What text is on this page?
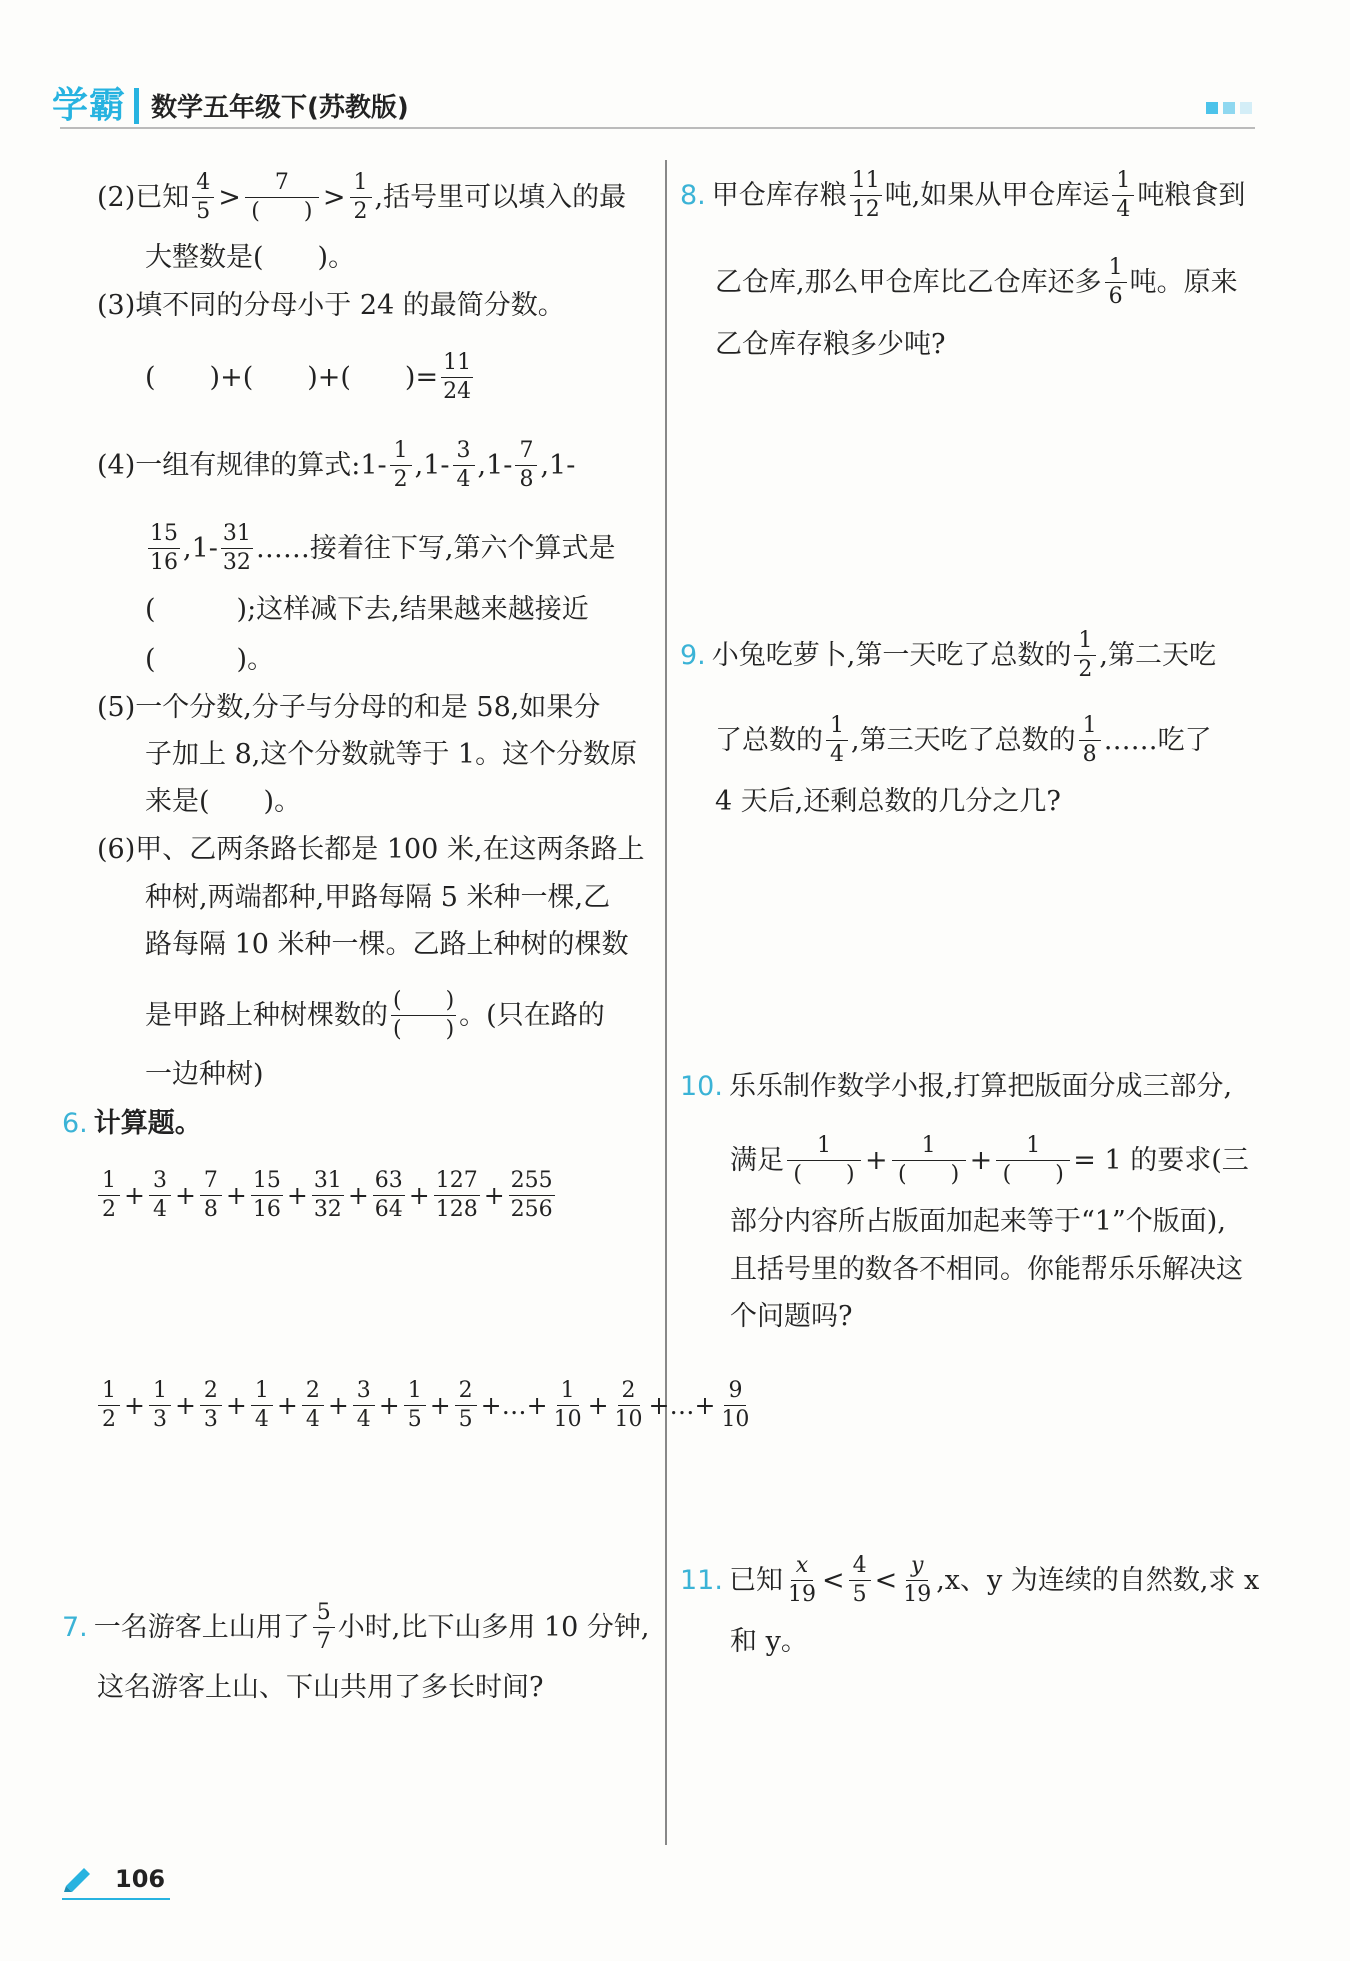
学霸 数学五年级下(苏教版)
(2)已知 $\frac{4}{5} > \frac{7}{( )} > \frac{1}{2}$ ,括号里可以填入的最
大整数是(　　)。
(3)填不同的分母小于 24 的最简分数。
(　　)+(　　)+(　　)= $\frac{11}{24}$
(4)一组有规律的算式:1- $\frac{1}{2} ,1- \frac{3}{4} ,1- \frac{7}{8} ,1-$
$\frac{15}{16} ,1- \frac{31}{32}$ ……接着往下写,第六个算式是
(　　　);这样减下去,结果越来越接近
(　　　)。
(5)一个分数,分子与分母的和是 58,如果分
子加上 8,这个分数就等于 1。这个分数原
来是(　　)。
(6)甲、乙两条路长都是 100 米,在这两条路上
种树,两端都种,甲路每隔 5 米种一棵,乙
路每隔 10 米种一棵。乙路上种树的棵数
是甲路上种树棵数的 $\frac{( )}{( )}$ 。(只在路的
一边种树)
6. 计算题。
$\frac{1}{2} + \frac{3}{4} + \frac{7}{8} + \frac{15}{16} + \frac{31}{32} + \frac{63}{64} + \frac{127}{128} + \frac{255}{256}$
$\frac{1}{2} + \frac{1}{3} + \frac{2}{3} + \frac{1}{4} + \frac{2}{4} + \frac{3}{4} + \frac{1}{5} + \frac{2}{5}$ +…+ $\frac{1}{10} + \frac{2}{10}$ +…+ $\frac{9}{10}$
7. 一名游客上山用了 $\frac{5}{7}$ 小时,比下山多用 10 分钟,
这名游客上山、下山共用了多长时间?
8. 甲仓库存粮 $\frac{11}{12}$ 吨,如果从甲仓库运 $\frac{1}{4}$ 吨粮食到
乙仓库,那么甲仓库比乙仓库还多 $\frac{1}{6}$ 吨。原来
乙仓库存粮多少吨?
9. 小兔吃萝卜,第一天吃了总数的 $\frac{1}{2}$ ,第二天吃
了总数的 $\frac{1}{4}$ ,第三天吃了总数的 $\frac{1}{8}$ ……吃了
4 天后,还剩总数的几分之几?
10. 乐乐制作数学小报,打算把版面分成三部分,
满足 $\frac{1}{( )} + \frac{1}{( )} + \frac{1}{( )} = 1$ 的要求(三
部分内容所占版面加起来等于“1”个版面),
且括号里的数各不相同。你能帮乐乐解决这
个问题吗?
11. 已知 $\frac{x}{19} < \frac{4}{5} < \frac{y}{19} ,x$、y 为连续的自然数,求 x
和 y。
106
